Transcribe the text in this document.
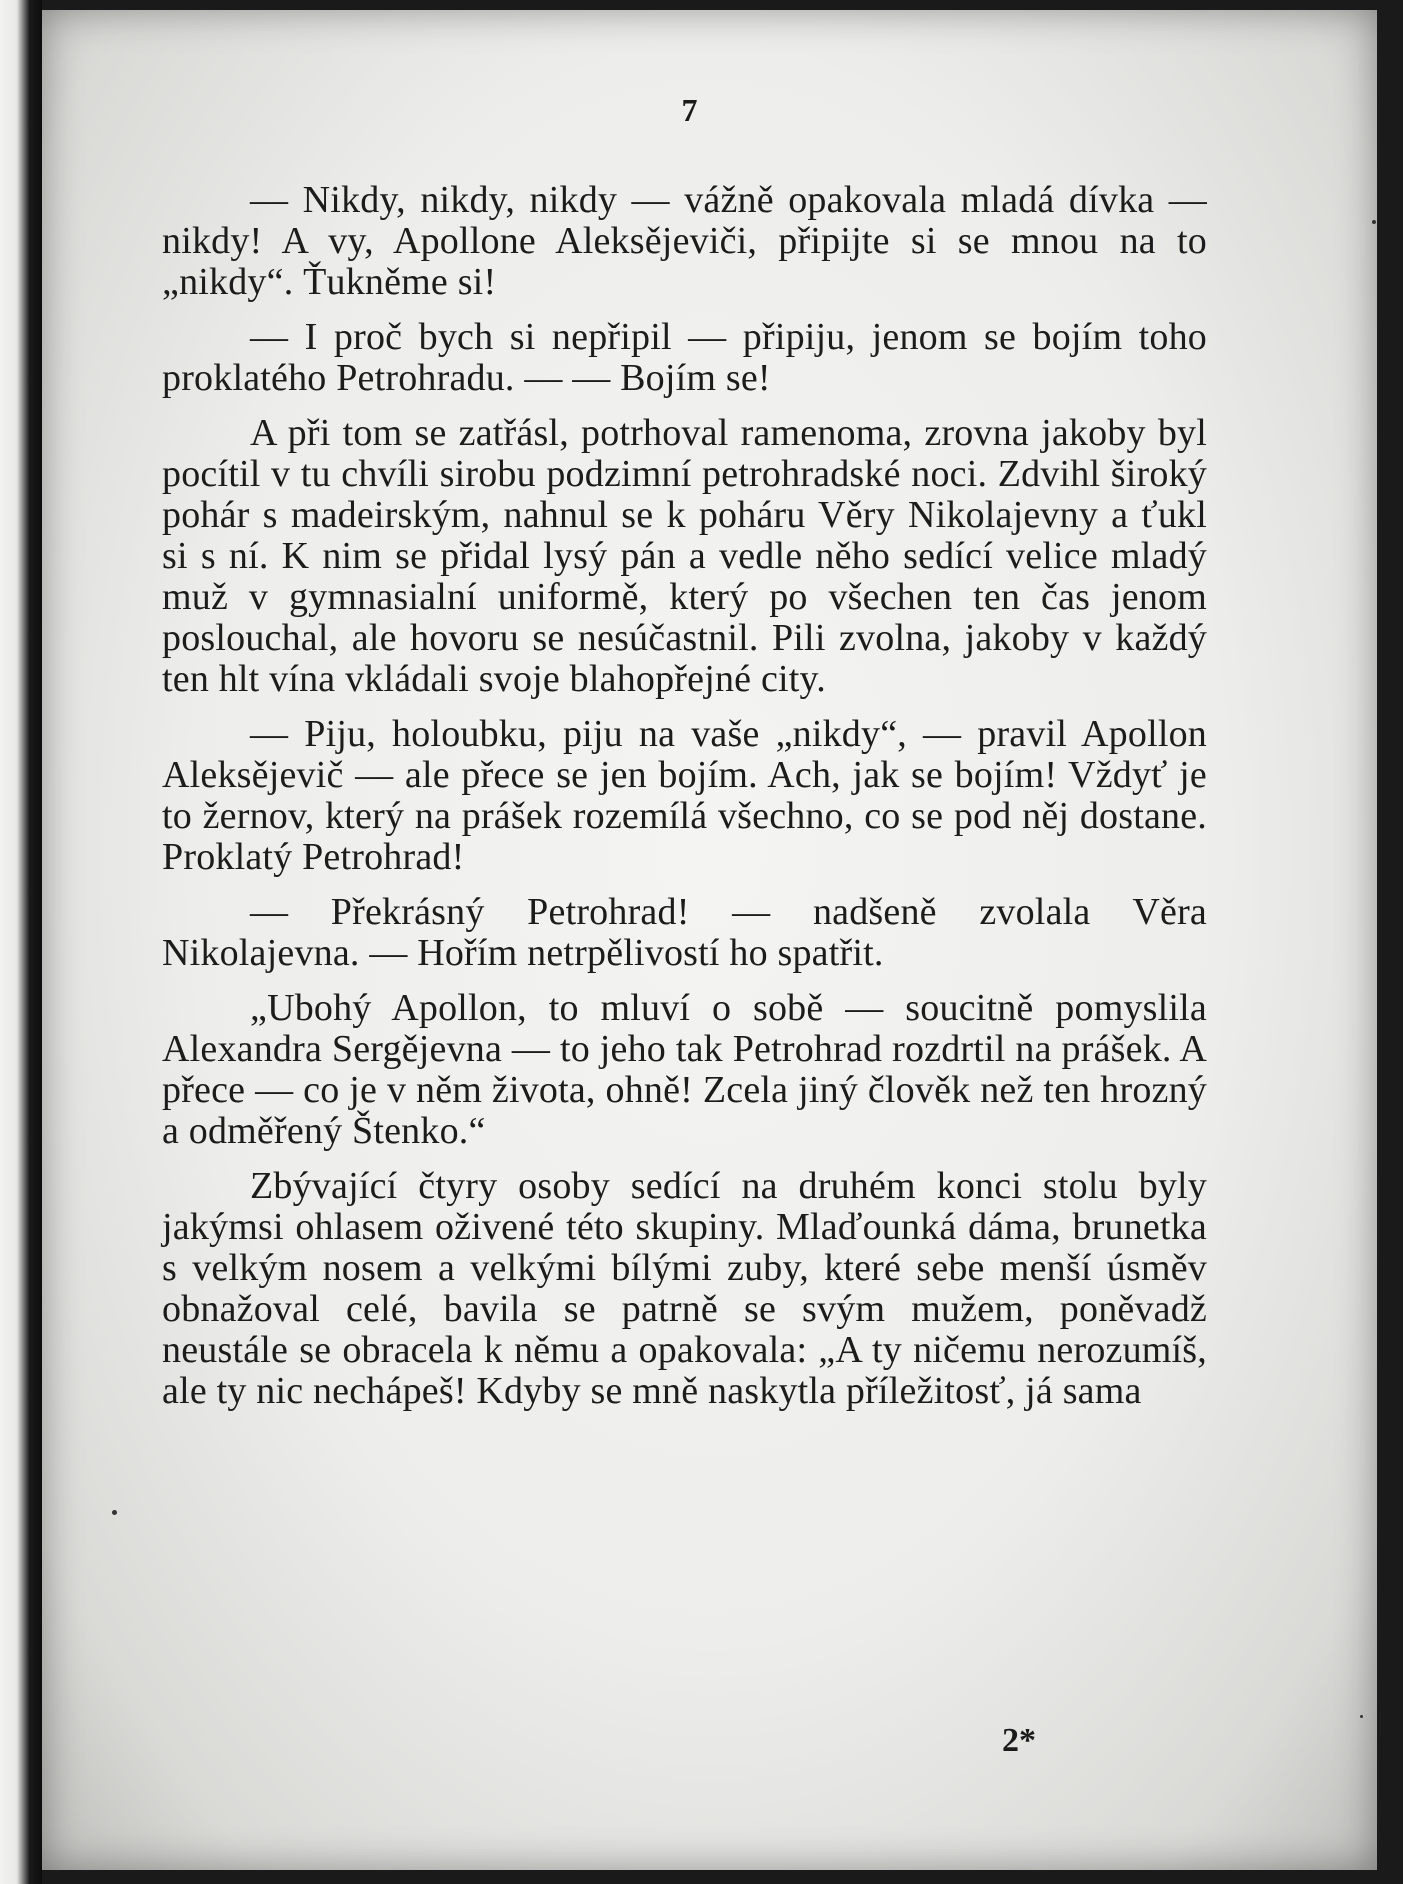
7

— Nikdy, nikdy, nikdy — vážně opakovala mladá dívka — nikdy! A vy, Apollone Aleksějeviči, připijte si se mnou na to „nikdy“. Ťukněme si!

— I proč bych si nepřipil — připiju, jenom se bojím toho proklatého Petrohradu. — — Bojím se!

A při tom se zatřásl, potrhoval ramenoma, zrovna jakoby byl pocítil v tu chvíli sirobu podzimní petrohradské noci. Zdvihl široký pohár s madeirským, nahnul se k poháru Věry Nikolajevny a ťukl si s ní. K nim se přidal lysý pán a vedle něho sedící velice mladý muž v gymnasialní uniformě, který po všechen ten čas jenom poslouchal, ale hovoru se nesúčastnil. Pili zvolna, jakoby v každý ten hlt vína vkládali svoje blahopřejné city.

— Piju, holoubku, piju na vaše „nikdy“, — pravil Apollon Aleksějevič — ale přece se jen bojím. Ach, jak se bojím! Vždyť je to žernov, který na prášek rozemílá všechno, co se pod něj dostane. Proklatý Petrohrad!

— Překrásný Petrohrad! — nadšeně zvolala Věra Nikolajevna. — Hořím netrpělivostí ho spatřit.

„Ubohý Apollon, to mluví o sobě — soucitně pomyslila Alexandra Sergějevna — to jeho tak Petrohrad rozdrtil na prášek. A přece — co je v něm života, ohně! Zcela jiný člověk než ten hrozný a odměřený Štenko.“

Zbývající čtyry osoby sedící na druhém konci stolu byly jakýmsi ohlasem oživené této skupiny. Mlaďounká dáma, brunetka s velkým nosem a velkými bílými zuby, které sebe menší úsměv obnažoval celé, bavila se patrně se svým mužem, poněvadž neustále se obracela k němu a opakovala: „A ty ničemu nerozumíš, ale ty nic nechápeš! Kdyby se mně naskytla příležitosť, já sama

2*
